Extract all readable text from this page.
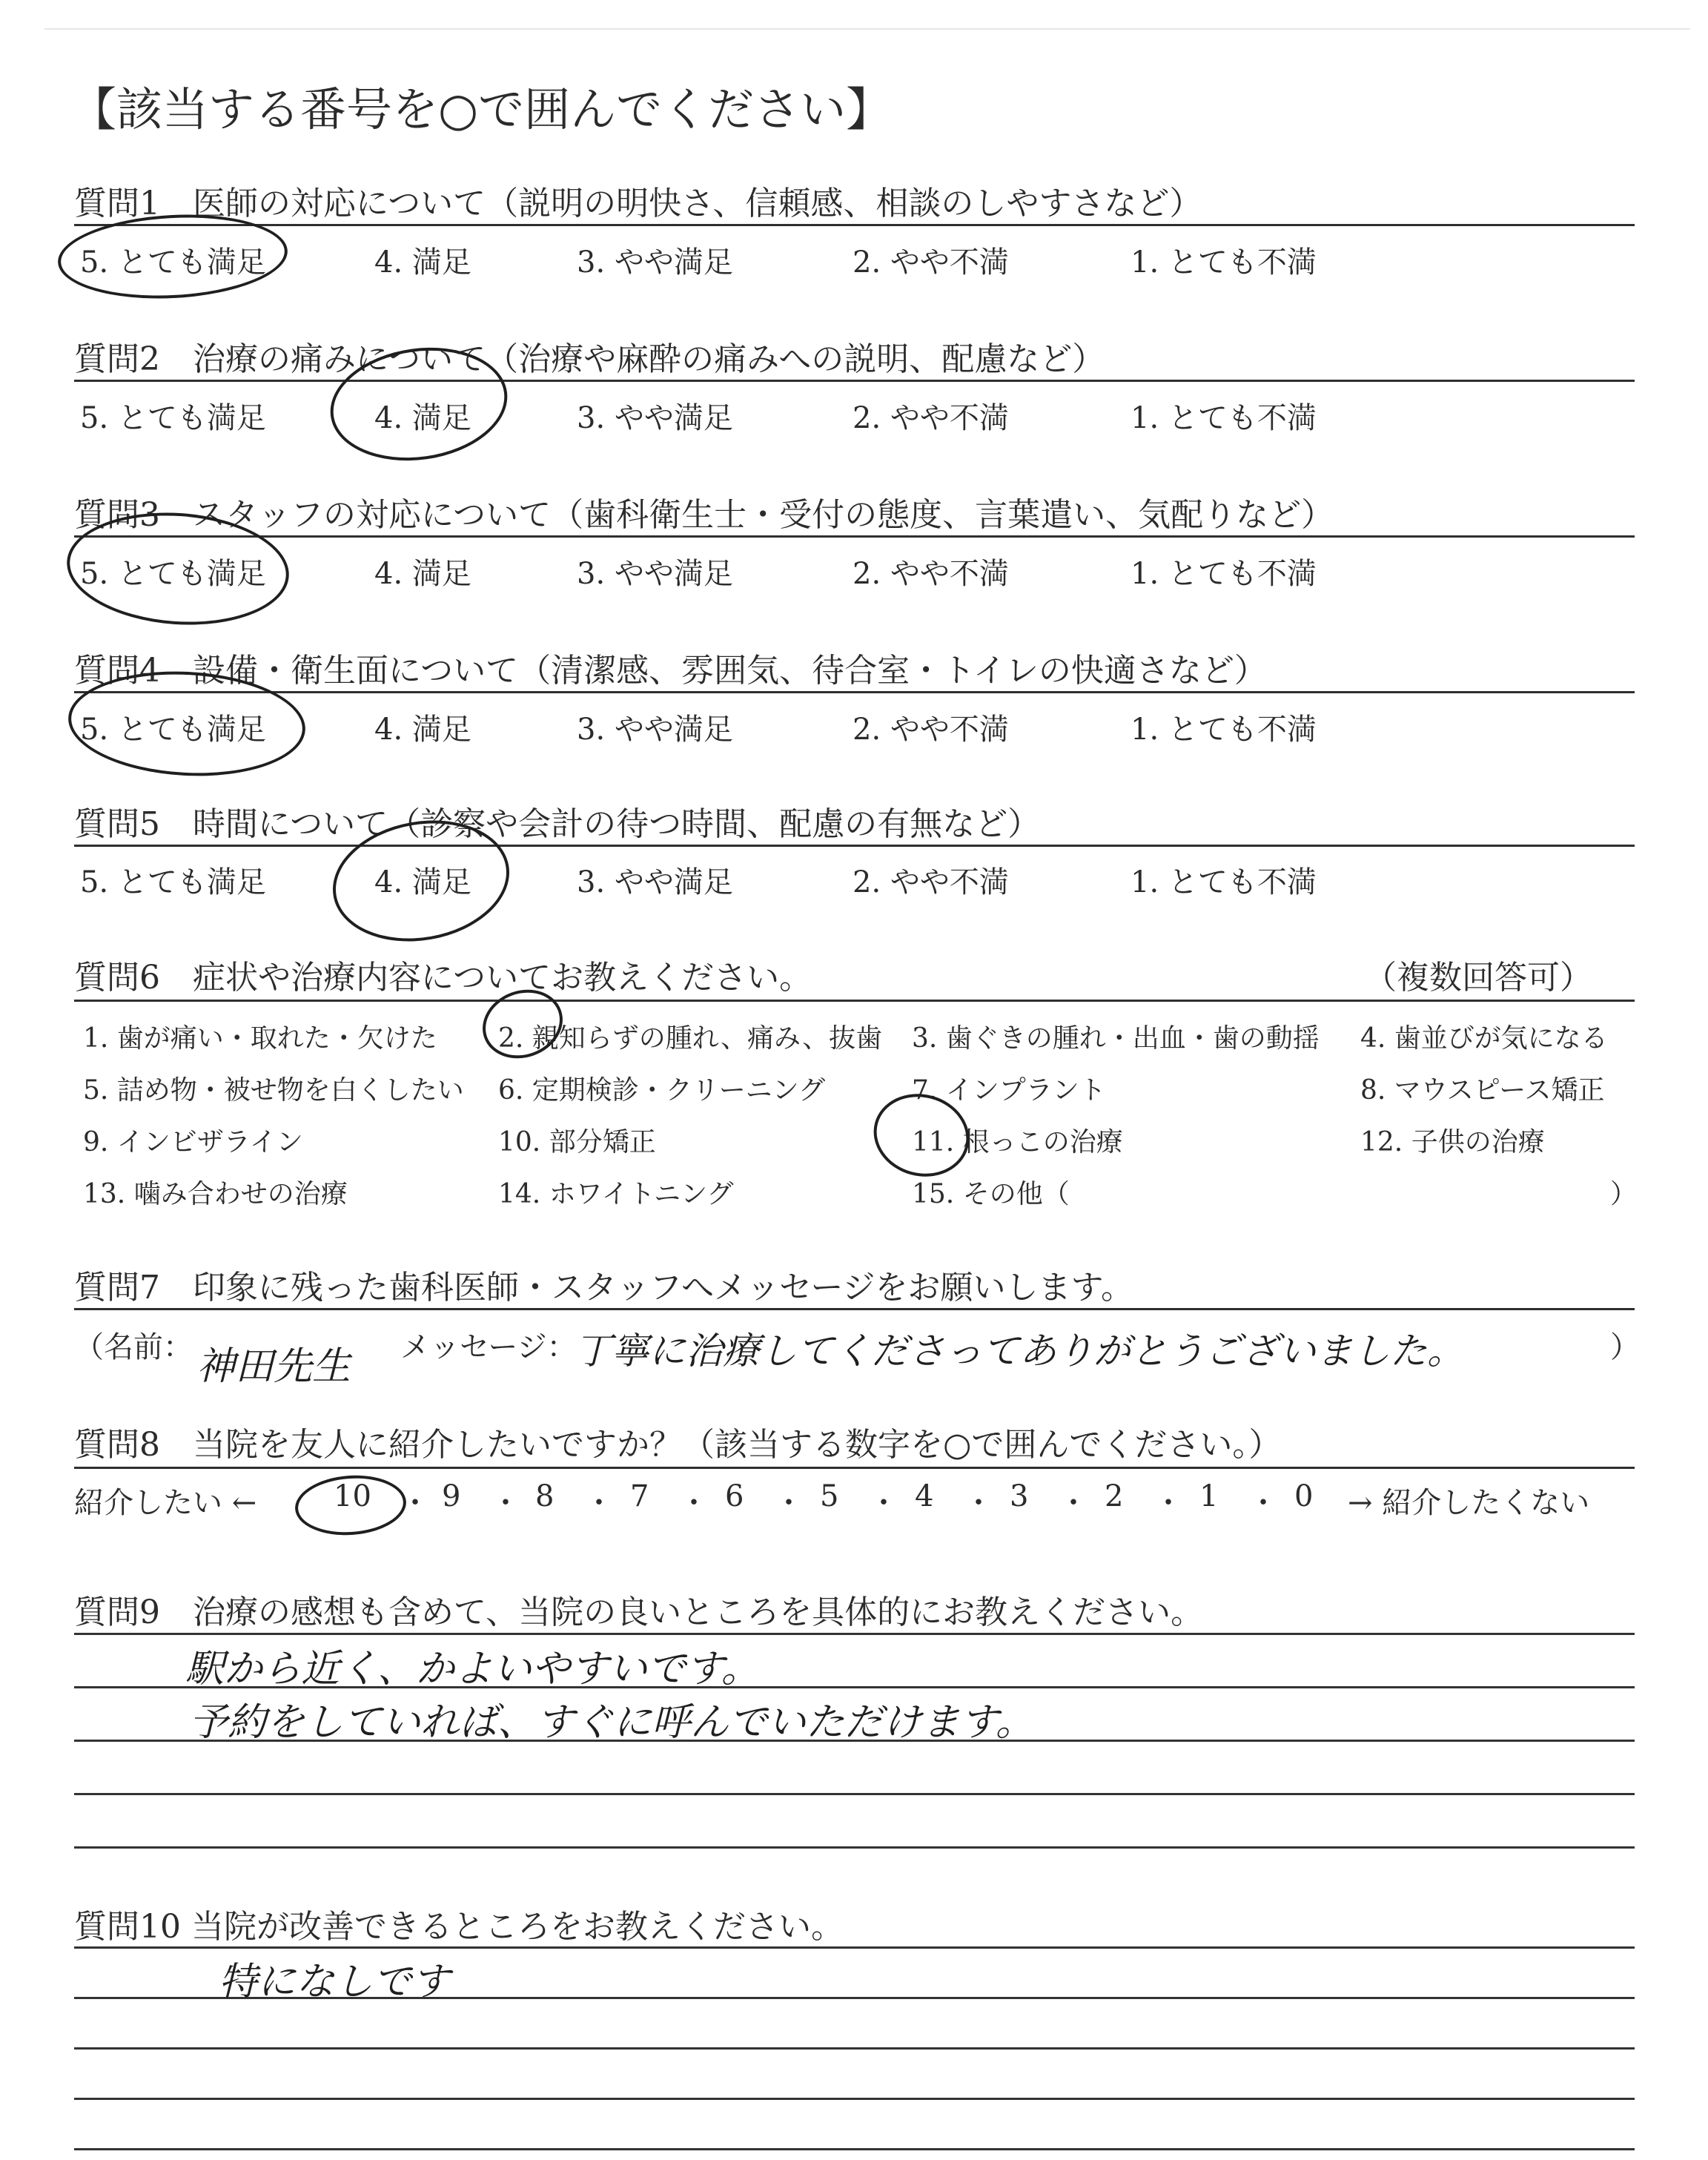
【該当する番号を○で囲んでください】
質問1　医師の対応について（説明の明快さ、信頼感、相談のしやすさなど）
5. とても満足	4. 満足	3. やや満足	2. やや不満	1. とても不満
質問2　治療の痛みについて（治療や麻酔の痛みへの説明、配慮など）
5. とても満足	4. 満足	3. やや満足	2. やや不満	1. とても不満
質問3　スタッフの対応について（歯科衛生士・受付の態度、言葉遣い、気配りなど）
5. とても満足	4. 満足	3. やや満足	2. やや不満	1. とても不満
質問4　設備・衛生面について（清潔感、雰囲気、待合室・トイレの快適さなど）
5. とても満足	4. 満足	3. やや満足	2. やや不満	1. とても不満
質問5　時間について（診察や会計の待つ時間、配慮の有無など）
5. とても満足	4. 満足	3. やや満足	2. やや不満	1. とても不満
質問6　症状や治療内容についてお教えください。	（複数回答可）
1. 歯が痛い・取れた・欠けた 2. 親知らずの腫れ、痛み、抜歯 3. 歯ぐきの腫れ・出血・歯の動揺 4. 歯並びが気になる
5. 詰め物・被せ物を白くしたい 6. 定期検診・クリーニング	7. インプラント	8. マウスピース矯正
9. インビザライン	10. 部分矯正	11. 根っこの治療	12. 子供の治療
13. 噛み合わせの治療	14. ホワイトニング	15. その他（	）
質問7　印象に残った歯科医師・スタッフへメッセージをお願いします。
（名前： 神田先生 メッセージ：
丁寧に治療してくださってありがとうございました。	）
質問8　当院を友人に紹介したいですか？（該当する数字を○で囲んでください。）
紹介したい ←	10 ・ 9 ・ 8 ・ 7 ・ 6 ・ 5 ・ 4 ・ 3 ・ 2 ・ 1 ・ 0 → 紹介したくない
質問9　治療の感想も含めて、当院の良いところを具体的にお教えください。
駅から近く、かよいやすいです。
予約をしていれば、すぐに呼んでいただけます。
質問10 当院が改善できるところをお教えください。
特になしです
